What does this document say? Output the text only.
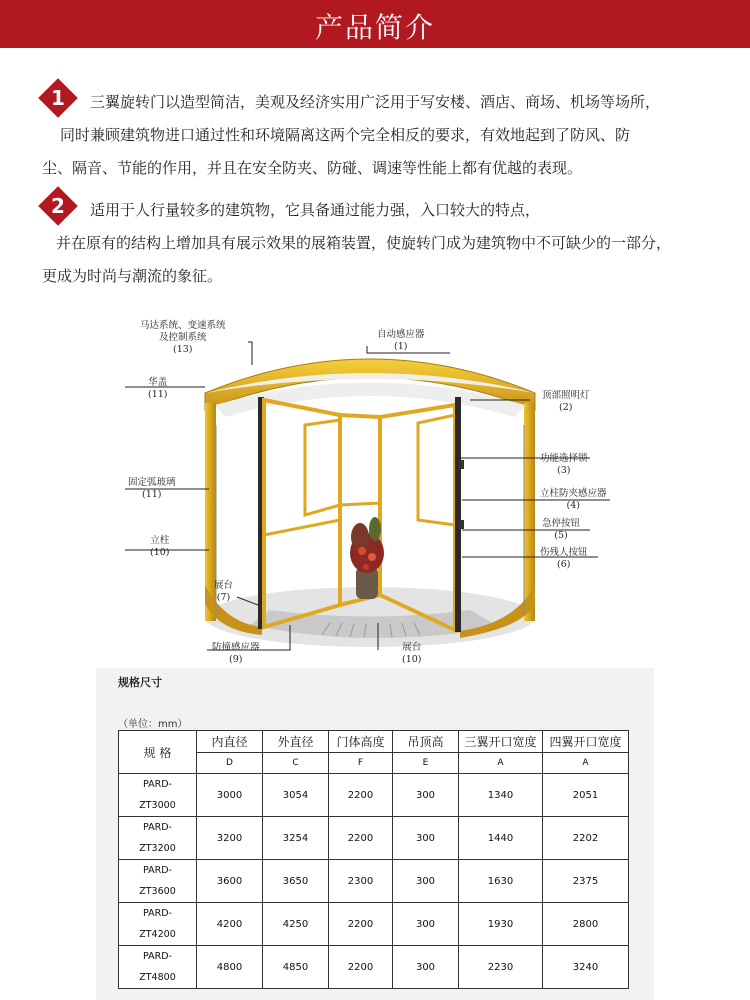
产品简介
1	三翼旋转门以造型简洁，美观及经济实用广泛用于写安楼、酒店、商场、机场等场所，
同时兼顾建筑物进口通过性和环境隔离这两个完全相反的要求，有效地起到了防风、防
尘、隔音、节能的作用，并且在安全防夹、防碰、调速等性能上都有优越的表现。
2	适用于人行量较多的建筑物，它具备通过能力强，入口较大的特点，
并在原有的结构上增加具有展示效果的展箱装置，使旋转门成为建筑物中不可缺少的一部分，
更成为时尚与潮流的象征。
马达系统、变速系统
及控制系统
(13)
自动感应器
(1)
华盖
(11)	顶部照明灯
(2)
功能选择锁
(3)
固定弧玻璃
(11)	立柱防夹感应器
(4)
急停按钮
(5)
立柱
(10)	伤残人按钮
(6)
展台
(7)
防撞感应器
(9)
展台
(10)
规格尺寸
（单位：mm）
规 格	内直径	外直径	门体高度	吊顶高	三翼开口宽度	四翼开口宽度
	D	C	F	E	A	A

PARD-
ZT3000	3000	3054	2200	300	1340	2051

PARD-
ZT3200	3200	3254	2200	300	1440	2202

PARD-
ZT3600	3600	3650	2300	300	1630	2375

PARD-
ZT4200	4200	4250	2200	300	1930	2800

PARD-
ZT4800	4800	4850	2200	300	2230	3240
